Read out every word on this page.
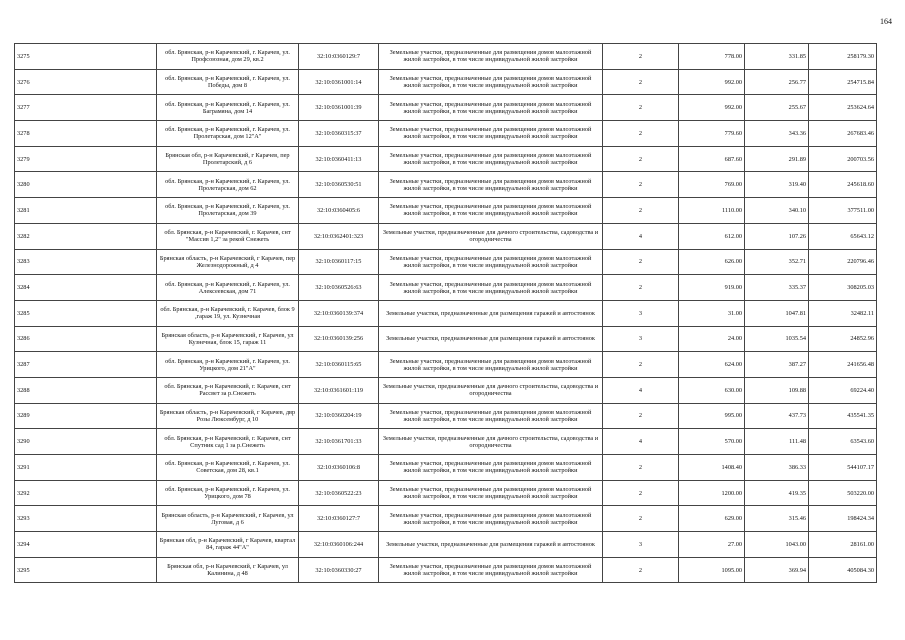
164
3275	обл. Брянская, р-н Карачевский, г. Карачев, ул. Профсоюзная, дом 29, кв.2	32:10:0360129:7	Земельные участки, предназначенные для размещения домов малоэтажной жилой застройки, в том числе индивидуальной жилой застройки	2	778.00	331.85	258179.30
3276	обл. Брянская, р-н Карачевский, г. Карачев, ул. Победы, дом 8	32:10:0361001:14	Земельные участки, предназначенные для размещения домов малоэтажной жилой застройки, в том числе индивидуальной жилой застройки	2	992.00	256.77	254715.84
3277	обл. Брянская, р-н Карачевский, г. Карачев, ул. Баграмяна, дом 14	32:10:0361001:39	Земельные участки, предназначенные для размещения домов малоэтажной жилой застройки, в том числе индивидуальной жилой застройки	2	992.00	255.67	253624.64
3278	обл. Брянская, р-н Карачевский, г. Карачев, ул. Пролетарская, дом 12"А"	32:10:0360315:37	Земельные участки, предназначенные для размещения домов малоэтажной жилой застройки, в том числе индивидуальной жилой застройки	2	779.60	343.36	267683.46
3279	Брянская обл, р-н Карачевский, г Карачев, пер Пролетарский, д 6	32:10:0360411:13	Земельные участки, предназначенные для размещения домов малоэтажной жилой застройки, в том числе индивидуальной жилой застройки	2	687.60	291.89	200703.56
3280	обл. Брянская, р-н Карачевский, г. Карачев, ул. Пролетарская, дом 62	32:10:0360530:51	Земельные участки, предназначенные для размещения домов малоэтажной жилой застройки, в том числе индивидуальной жилой застройки	2	769.00	319.40	245618.60
3281	обл. Брянская, р-н Карачевский, г. Карачев, ул. Пролетарская, дом 39	32:10:0360405:6	Земельные участки, предназначенные для размещения домов малоэтажной жилой застройки, в том числе индивидуальной жилой застройки	2	1110.00	340.10	377511.00
3282	обл. Брянская, р-н Карачевский, г. Карачев, снт "Массив 1,2" за рекой Снежеть	32:10:0362401:323	Земельные участки, предназначенные для дачного строительства, садоводства и огородничества	4	612.00	107.26	65643.12
3283	Брянская область, р-н Карачевский, г Карачев, пер Железнодорожный, д 4	32:10:0360117:15	Земельные участки, предназначенные для размещения домов малоэтажной жилой застройки, в том числе индивидуальной жилой застройки	2	626.00	352.71	220796.46
3284	обл. Брянская, р-н Карачевский, г. Карачев, ул. Алексеевская, дом 71	32:10:0360526:63	Земельные участки, предназначенные для размещения домов малоэтажной жилой застройки, в том числе индивидуальной жилой застройки	2	919.00	335.37	308205.03
3285	обл. Брянская, р-н Карачевский, г. Карачев, блок 9 ,гараж 19, ул. Кузнечная	32:10:0360139:374	Земельные участки, предназначенные для размещения гаражей и автостоянок	3	31.00	1047.81	32482.11
3286	Брянская область, р-н Карачевский, г Карачев, ул Кузнечная, блок 15, гараж 11	32:10:0360139:256	Земельные участки, предназначенные для размещения гаражей и автостоянок	3	24.00	1035.54	24852.96
3287	обл. Брянская, р-н Карачевский, г. Карачев, ул. Урицкого, дом 21"А"	32:10:0360115:65	Земельные участки, предназначенные для размещения домов малоэтажной жилой застройки, в том числе индивидуальной жилой застройки	2	624.00	387.27	241656.48
3288	обл. Брянская, р-н Карачевский, г. Карачев, снт Рассвет за р.Снежеть	32:10:0361601:119	Земельные участки, предназначенные для дачного строительства, садоводства и огородничества	4	630.00	109.88	69224.40
3289	Брянская область, р-н Карачевский, г Карачев, двр Розы Люксембург, д 10	32:10:0360204:19	Земельные участки, предназначенные для размещения домов малоэтажной жилой застройки, в том числе индивидуальной жилой застройки	2	995.00	437.73	435541.35
3290	обл. Брянская, р-н Карачевский, г. Карачев, снт Спутник сад 1 за р.Снежеть	32:10:0361701:33	Земельные участки, предназначенные для дачного строительства, садоводства и огородничества	4	570.00	111.48	63543.60
3291	обл. Брянская, р-н Карачевский, г. Карачев, ул. Советская, дом 28, кв.1	32:10:0360106:8	Земельные участки, предназначенные для размещения домов малоэтажной жилой застройки, в том числе индивидуальной жилой застройки	2	1408.40	386.33	544107.17
3292	обл. Брянская, р-н Карачевский, г. Карачев, ул. Урицкого, дом 78	32:10:0360522:23	Земельные участки, предназначенные для размещения домов малоэтажной жилой застройки, в том числе индивидуальной жилой застройки	2	1200.00	419.35	503220.00
3293	Брянская область, р-н Карачевский, г Карачев, ул Луговая, д 6	32:10:0360127:7	Земельные участки, предназначенные для размещения домов малоэтажной жилой застройки, в том числе индивидуальной жилой застройки	2	629.00	315.46	198424.34
3294	Брянская обл, р-н Карачевский, г Карачев, квартал 84, гараж 44"А"	32:10:0360106:244	Земельные участки, предназначенные для размещения гаражей и автостоянок	3	27.00	1043.00	28161.00
3295	Брянская обл, р-н Карачевский, г Карачев, ул Калинина, д 48	32:10:0360330:27	Земельные участки, предназначенные для размещения домов малоэтажной жилой застройки, в том числе индивидуальной жилой застройки	2	1095.00	369.94	405084.30
